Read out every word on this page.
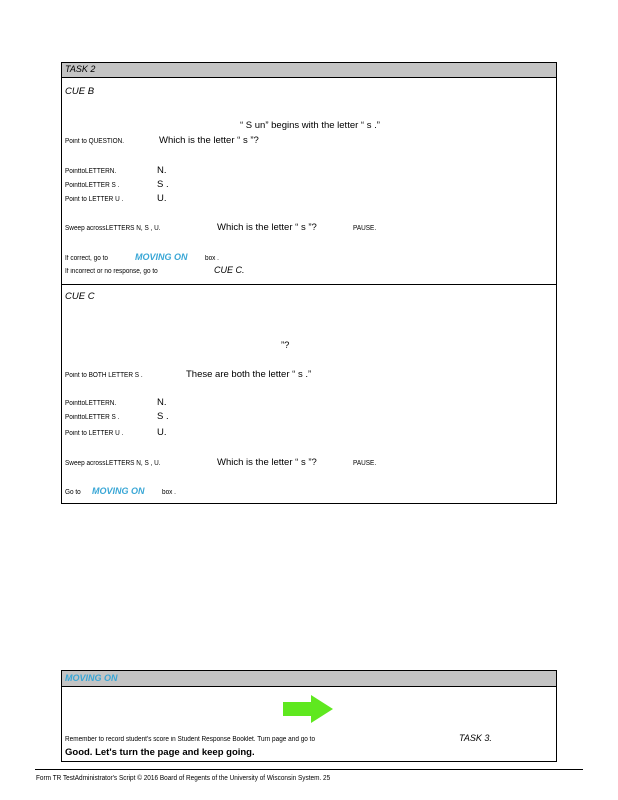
TASK 2
CUE B
“ S un” begins with the letter “ s .”
Point to QUESTION.	Which is the letter “ s ”?
PointtoLETTERN.	N.
PointtoLETTER S .	S .
Point to LETTER U .	U.
Sweep acrossLETTERS N, S , U.	Which is the letter “ s ”?	PAUSE.
If correct, go to	MOVING ON box .
If incorrect or no response, go to	CUE C.
CUE C
”?
Point to BOTH LETTER S .	These are both the letter “ s .”
PointtoLETTERN.	N.
PointtoLETTER S .	S .
Point to LETTER U .	U.
Sweep acrossLETTERS N, S , U.	Which is the letter “ s ”?	PAUSE.
Go to MOVING ON box .
MOVING ON
Remember to record student's score in Student Response Booklet. Turn page and go to	TASK 3.
Good. Let's turn the page and keep going.
Form TR TestAdministrator's Script © 2016 Board of Regents of the University of Wisconsin System. 25
